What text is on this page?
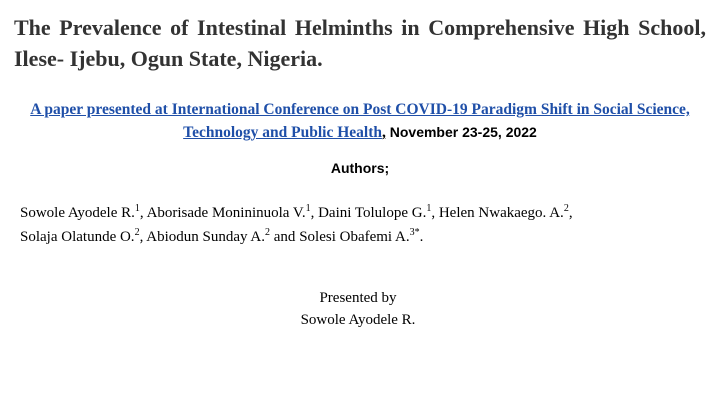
The Prevalence of Intestinal Helminths in Comprehensive High School, Ilese- Ijebu, Ogun State, Nigeria.
A paper presented at International Conference on Post COVID-19 Paradigm Shift in Social Science, Technology and Public Health, November 23-25, 2022
Authors;
Sowole Ayodele R.$^1$, Aborisade Monininuola V.$^1$, Daini Tolulope G.$^1$, Helen Nwakaego. A.$^2$,
Solaja Olatunde O.$^2$, Abiodun Sunday A.$^2$ and Solesi Obafemi A.$^{3*}$.
Presented by
Sowole Ayodele R.
